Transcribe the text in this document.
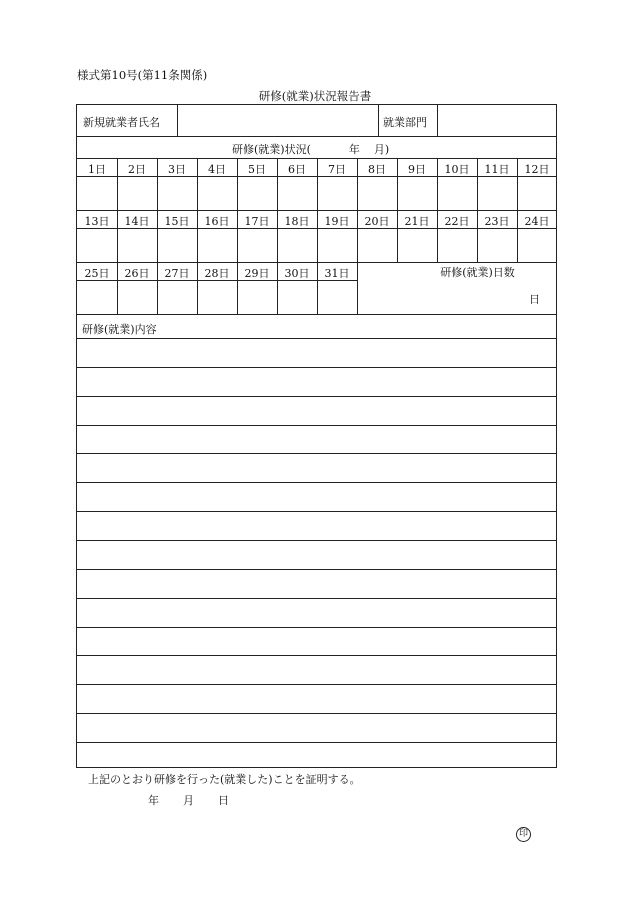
様式第10号(第11条関係)
研修(就業)状況報告書
新規就業者氏名	就業部門
研修(就業)状況(	年 月)
1日	2日	3日	4日	5日	6日	7日	8日	9日	10日	11日	12日
13日	14日	15日	16日	17日	18日	19日	20日	21日	22日	23日	24日
25日	26日	27日	28日	29日	30日	31日	研修(就業)日数
日
研修(就業)内容
上記のとおり研修を行った(就業した)ことを証明する。
年 月 日
印
